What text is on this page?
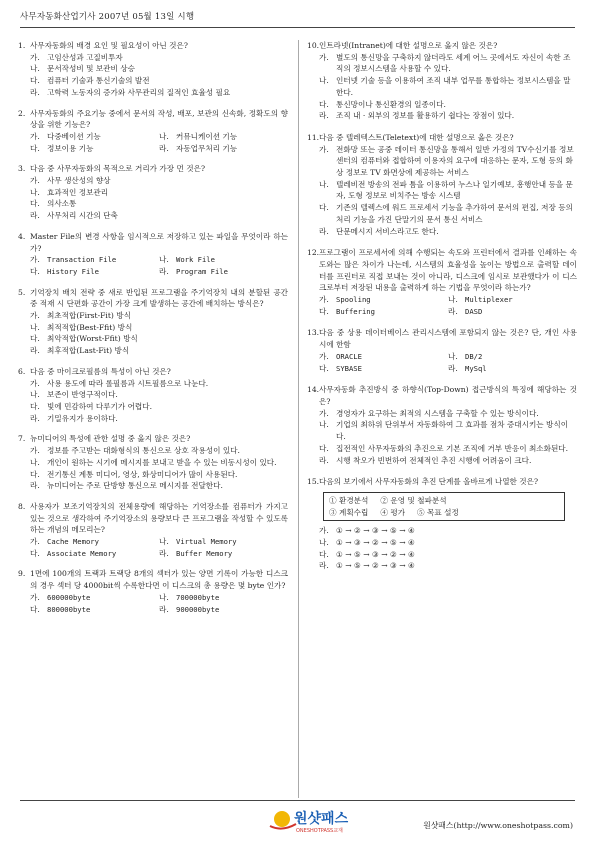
사무자동화산업기사 2007년 05월 13일 시행
1. 사무자동화의 배경 요인 및 필요성이 아닌 것은?
가. 고임산성과 고질비투자
나. 문서작성비 및 보관비 상승
다. 컴퓨터 기술과 통신기술의 발전
라. 고학력 노동자의 증가와 사무관리의 질적인 효율성 필요
2. 사무자동화의 주요기능 중에서 문서의 작성, 배포, 보관의 신속화, 정확도의 향상을 위한 기능은?
가. 다중베이션 기능	나. 커뮤니케이션 기능
다. 정보이용 기능	라. 자동업무처리 기능
3. 다음 중 사무자동화의 목적으로 거리가 가장 먼 것은?
가. 사무 생산성의 향상
나. 효과적인 정보관리
다. 의사소통
라. 사무처리 시간의 단축
4. Master File의 변경 사항을 임시적으로 저장하고 있는 파일을 무엇이라 하는가?
가.	Transaction File	나.	Work File
다.	History File	라.	Program File
5. 기억장치 배치 전략 중 새로 반입된 프로그램을 주기억장치 내의 분할된 공간 중 적재 시 단편화 공간이 가장 크게 발생하는 공간에 배치하는 방식은?
가. 최초적합(First-Fit) 방식
나. 최적적합(Best-Ffit) 방식
다. 최악적합(Worst-Ffit) 방식
라. 최후적합(Last-Fit) 방식
6. 다음 중 마이크로필름의 특성이 아닌 것은?
가. 사용 용도에 따라 롤필름과 시트필름으로 나눈다.
나. 보존이 반영구적이다.
다. 빛에 민감하여 다루기가 어렵다.
라. 기밀유지가 용이하다.
7. 뉴미디어의 특성에 관한 설명 중 옳지 않은 것은?
가. 정보를 주고받는 대화형식의 통신으로 상호 작용성이 있다.
나. 개인이 원하는 시기에 메시지를 보내고 받을 수 있는 비동시성이 있다.
다. 전기통신 계통 미디어, 영상, 화상미디어가 많이 사용된다.
라. 뉴미디어는 주로 단방향 통신으로 메시지를 전달한다.
8. 사용자가 보조기억장치의 전체용량에 해당하는 기억장소를 컴퓨터가 가지고 있는 것으로 생각하여 주기억장소의 용량보다 큰 프로그램을 작성할 수 있도록 하는 개념의 메모리는?
가.	Cache Memory	나.	Virtual Memory
다.	Associate Memory	라.	Buffer Memory
9. 1면에 100개의 트랙과 트랙당 8개의 섹터가 있는 양면 기록이 가능한 디스크의 경우 섹터 당 4000bit씩 수록한다면 이 디스크의 총 용량은 몇 byte 인가?
가.	600000byte	나.	700000byte
다.	800000byte	라.	900000byte
10. 인트라넷(Intranet)에 대한 설명으로 옳지 않은 것은?
가. 별도의 통신망을 구축하지 않더라도 세계 어느 곳에서도 자신이 속한 조직의 정보시스템을 사용할 수 있다.
나. 인터넷 기술 등을 이용하여 조직 내부 업무를 통합하는 정보시스템을 말한다.
다. 통신망이나 통신환경의 일종이다.
라. 조직 내 · 외부의 정보를 활용하기 쉽다는 장점이 있다.
11. 다음 중 텔레텍스트(Teletext)에 대한 설명으로 옳은 것은?
가. 전화망 또는 공중 데이터 통신망을 통해서 일반 가정의 TV수신기를 정보센터의 컴퓨터와 접합하여 이용자의 요구에 대응하는 문자, 도형 등의 화상 정보로 TV 화면상에 제공하는 서비스
나. 텔레비전 방송의 전파 틈을 이용하여 누스나 일기예보, 흥행안내 등을 문자, 도형 정보로 비치주는 방송 시스템
다. 기존의 텔렉스에 워드 프로세서 기능을 추가하여 문서의 편집, 저장 등의 처리 기능을 가진 단말기의 문서 통신 서비스
라. 단문메시지 서비스라고도 한다.
12. 프로그램이 프로세서에 의해 수행되는 속도와 프린터에서 결과를 인쇄하는 속도와는 많은 차이가 나는데, 시스템의 효율성을 높이는 방법으로 출력할 데이터를 프린터로 직접 보내는 것이 아니라, 디스크에 임시로 보관했다가 이 디스크로부터 저장된 내용을 출력하게 하는 기법을 무엇이라 하는가?
가.	Spooling	나.	Multiplexer
다.	Buffering	라.	DASD
13. 다음 중 상용 데이터베이스 관리시스템에 포함되지 않는 것은? 단, 개인 사용시에 한함
가.	ORACLE	나.	DB/2
다.	SYBASE	라.	MySql
14. 사무자동화 추진방식 중 하향식(Top-Down) 접근방식의 특징에 해당하는 것은?
가. 경영자가 요구하는 최적의 시스템을 구축할 수 있는 방식이다.
나. 기업의 최하위 단위부서 자동화하여 그 효과를 점차 증대시키는 방식이다.
다. 집전적인 사무자동화의 추진으로 기본 조직에 거부 반응이 최소화된다.
라. 시행 착오가 빈번하여 전체적인 추진 시행에 어려움이 크다.
15. 다음의 보기에서 사무자동화의 추진 단계를 올바르게 나열한 것은?
① 환경분석 ② 운영 및 철파분석
③ 계획수립 ④ 평가 ⑤ 목표 설정
가. ① → ② → ③ → ⑤ → ④
나. ① → ③ → ② → ⑤ → ④
다. ① → ⑤ → ③ → ② → ④
라. ① → ⑤ → ② → ③ → ④
원샷패스
ONESHOTPASS교재
원샷패스(http://www.oneshotpass.com)
